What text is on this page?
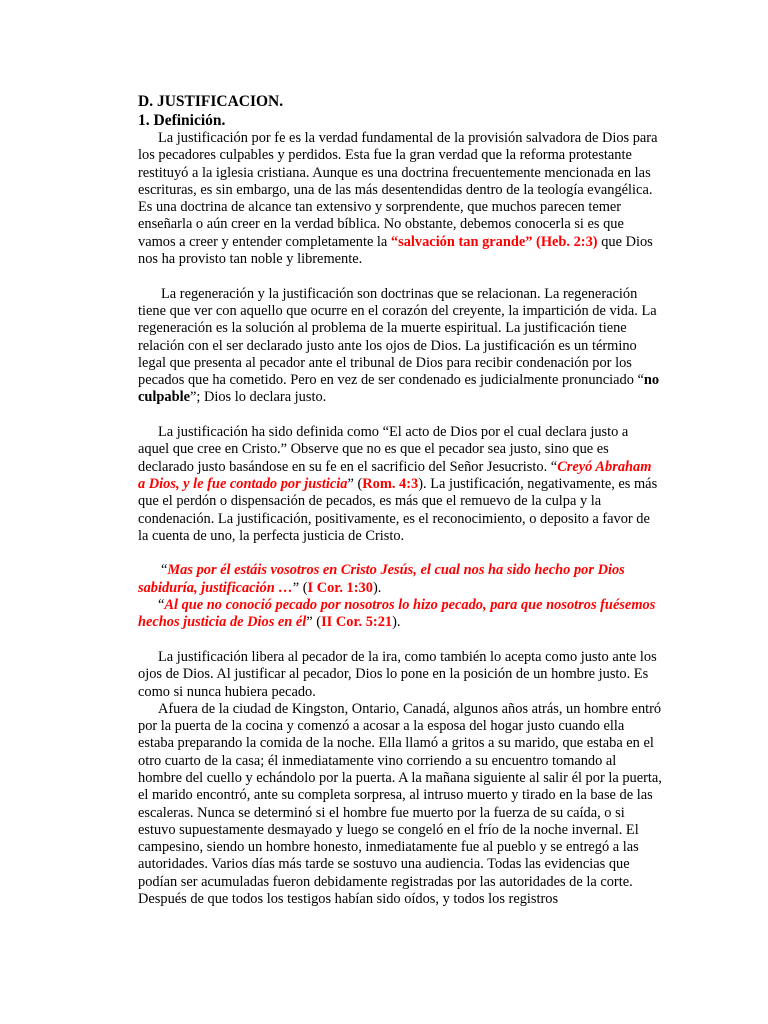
D. JUSTIFICACION.

1. Definición.

La justificación por fe es la verdad fundamental de la provisión salvadora de Dios para los pecadores culpables y perdidos. Esta fue la gran verdad que la reforma protestante restituyó a la iglesia cristiana. Aunque es una doctrina frecuentemente mencionada en las escrituras, es sin embargo, una de las más desentendidas dentro de la teología evangélica. Es una doctrina de alcance tan extensivo y sorprendente, que muchos parecen temer enseñarla o aún creer en la verdad bíblica. No obstante, debemos conocerla si es que vamos a creer y entender completamente la “salvación tan grande” (Heb. 2:3) que Dios nos ha provisto tan noble y libremente.

La regeneración y la justificación son doctrinas que se relacionan. La regeneración tiene que ver con aquello que ocurre en el corazón del creyente, la impartición de vida. La regeneración es la solución al problema de la muerte espiritual. La justificación tiene relación con el ser declarado justo ante los ojos de Dios. La justificación es un término legal que presenta al pecador ante el tribunal de Dios para recibir condenación por los pecados que ha cometido. Pero en vez de ser condenado es judicialmente pronunciado “no culpable”; Dios lo declara justo.

La justificación ha sido definida como “El acto de Dios por el cual declara justo a aquel que cree en Cristo.” Observe que no es que el pecador sea justo, sino que es declarado justo basándose en su fe en el sacrificio del Señor Jesucristo. “Creyó Abraham a Dios, y le fue contado por justicia” (Rom. 4:3). La justificación, negativamente, es más que el perdón o dispensación de pecados, es más que el remuevo de la culpa y la condenación. La justificación, positivamente, es el reconocimiento, o deposito a favor de la cuenta de uno, la perfecta justicia de Cristo.

“Mas por él estáis vosotros en Cristo Jesús, el cual nos ha sido hecho por Dios sabiduría, justificación …” (I Cor. 1:30).

“Al que no conoció pecado por nosotros lo hizo pecado, para que nosotros fuésemos hechos justicia de Dios en él” (II Cor. 5:21).

La justificación libera al pecador de la ira, como también lo acepta como justo ante los ojos de Dios. Al justificar al pecador, Dios lo pone en la posición de un hombre justo. Es como si nunca hubiera pecado.

Afuera de la ciudad de Kingston, Ontario, Canadá, algunos años atrás, un hombre entró por la puerta de la cocina y comenzó a acosar a la esposa del hogar justo cuando ella estaba preparando la comida de la noche. Ella llamó a gritos a su marido, que estaba en el otro cuarto de la casa; él inmediatamente vino corriendo a su encuentro tomando al hombre del cuello y echándolo por la puerta. A la mañana siguiente al salir él por la puerta, el marido encontró, ante su completa sorpresa, al intruso muerto y tirado en la base de las escaleras. Nunca se determinó si el hombre fue muerto por la fuerza de su caída, o si estuvo supuestamente desmayado y luego se congeló en el frío de la noche invernal. El campesino, siendo un hombre honesto, inmediatamente fue al pueblo y se entregó a las autoridades. Varios días más tarde se sostuvo una audiencia. Todas las evidencias que podían ser acumuladas fueron debidamente registradas por las autoridades de la corte. Después de que todos los testigos habían sido oídos, y todos los registros
